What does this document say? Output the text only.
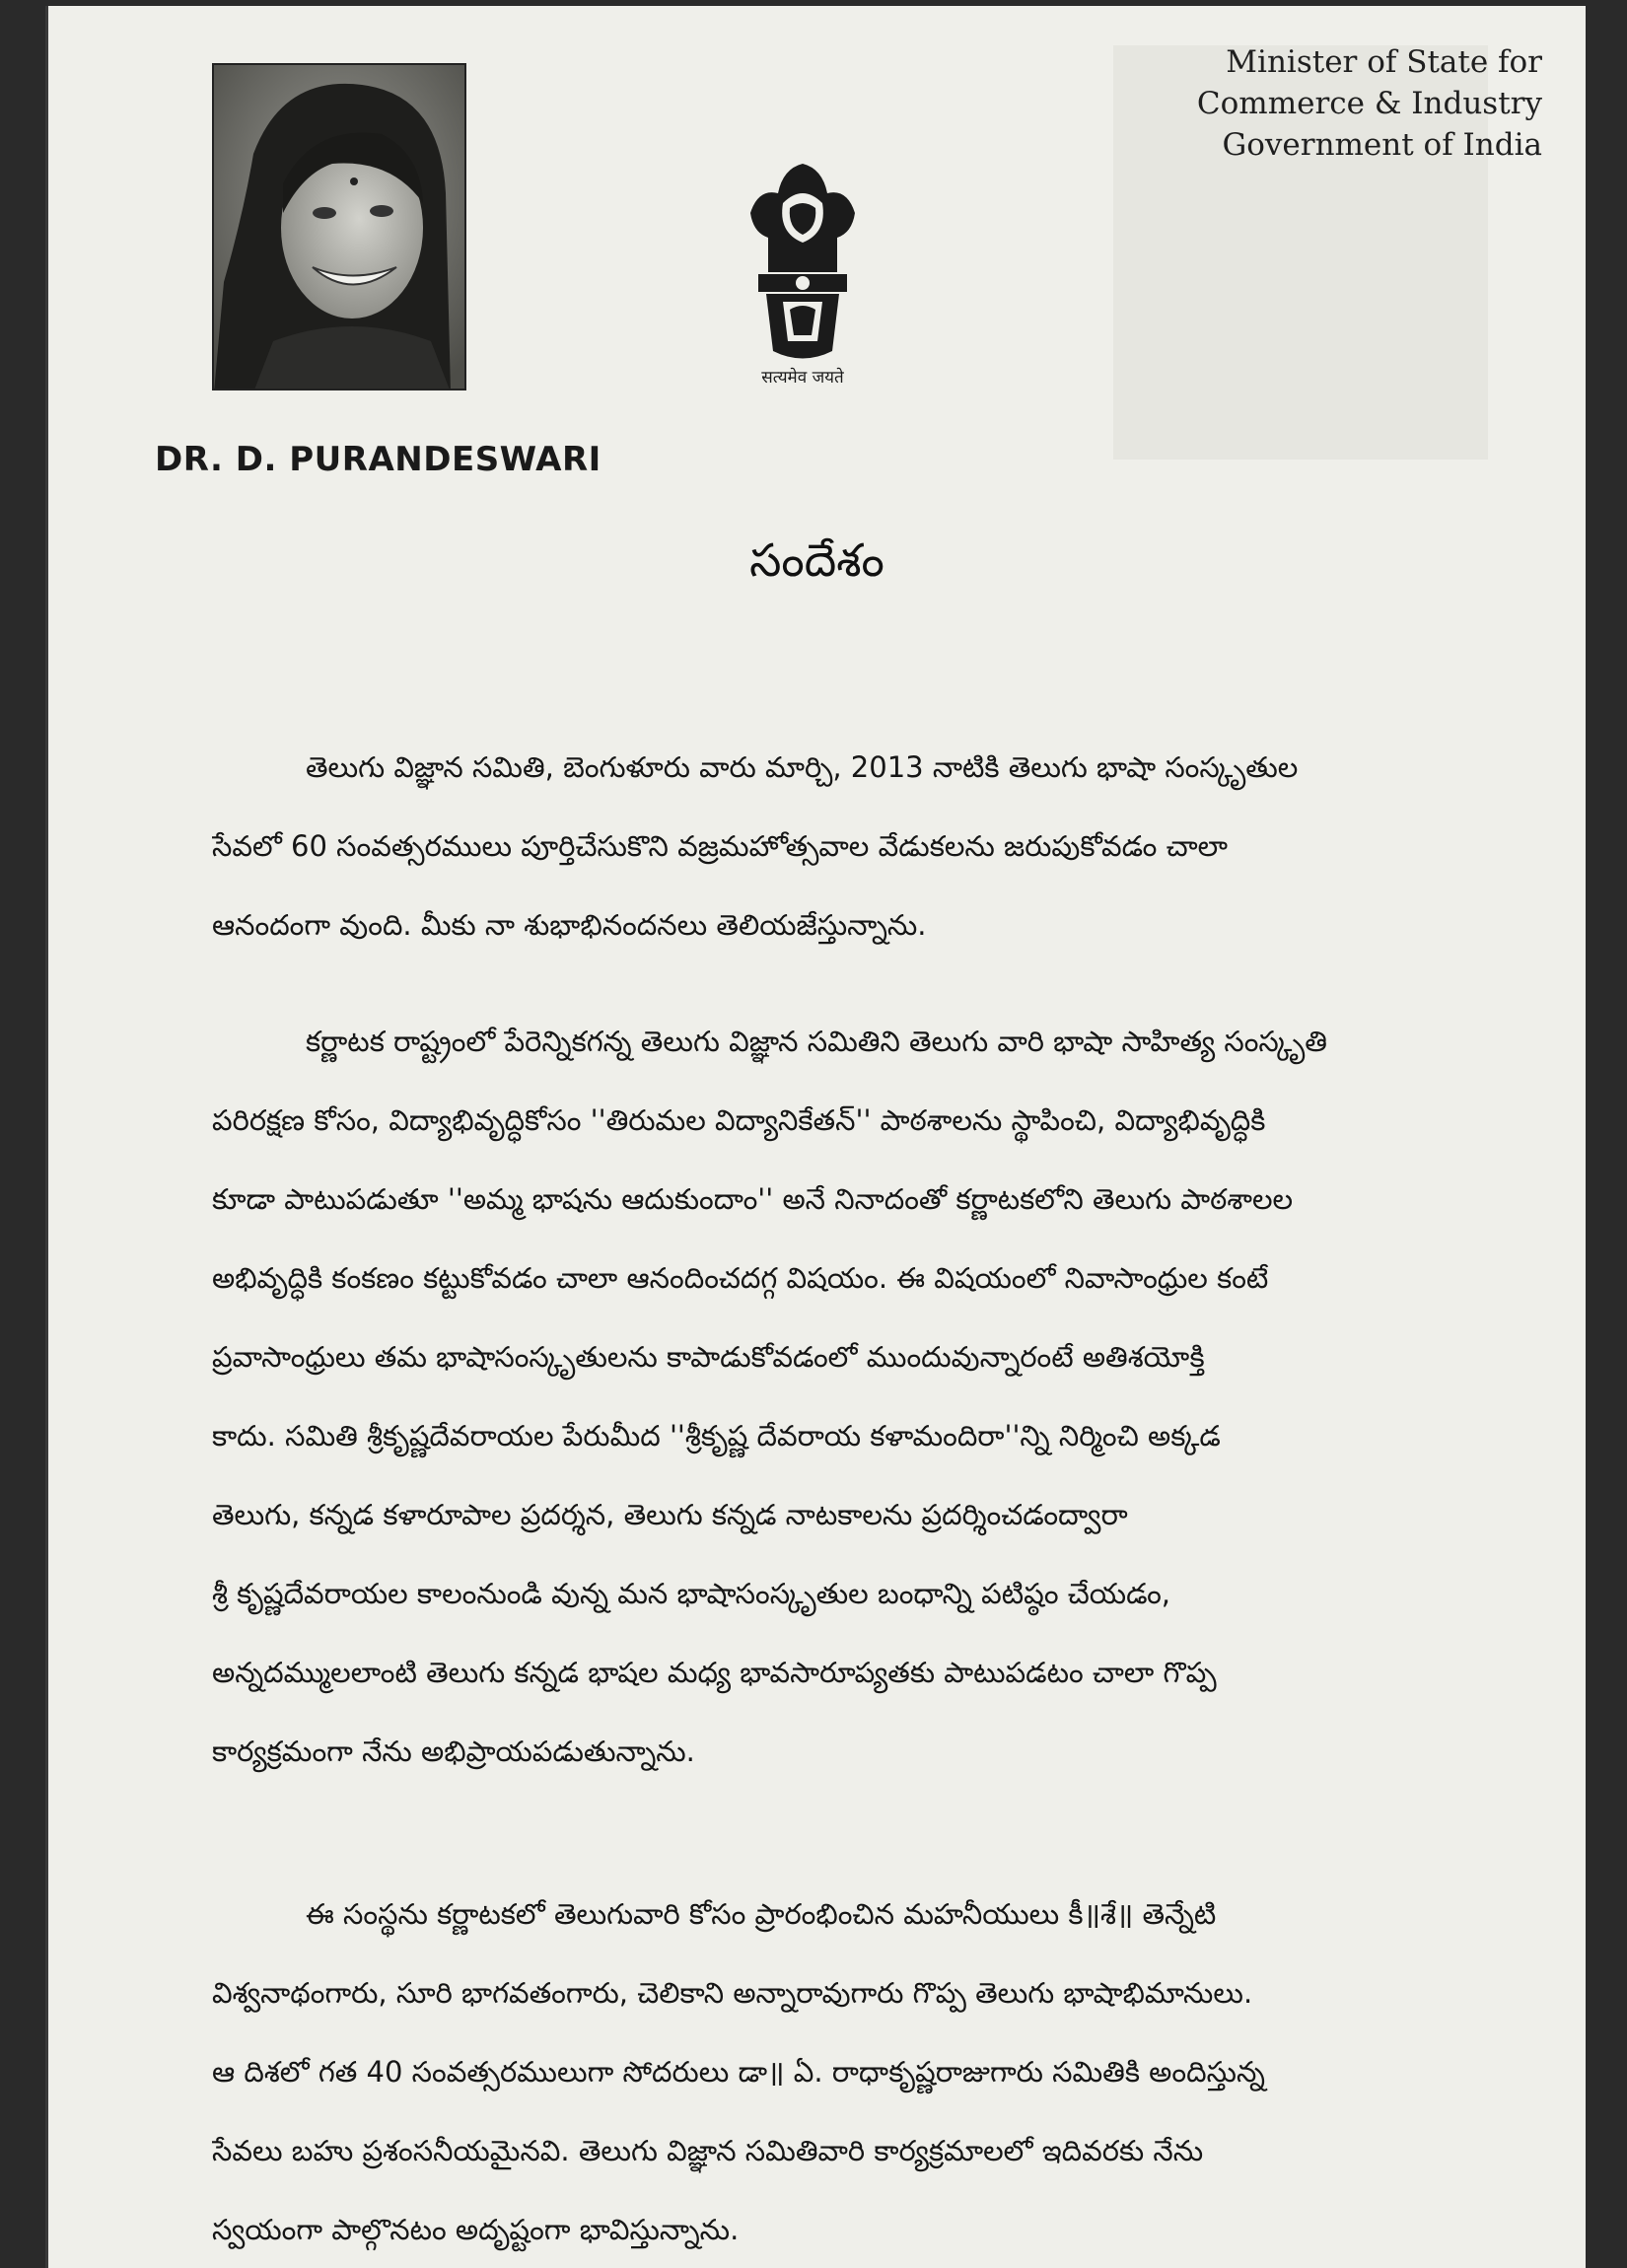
सत्यमेव जयते
DR. D. PURANDESWARI
Minister of State for
Commerce & Industry
Government of India
సందేశం
తెలుగు విజ్ఞాన సమితి, బెంగుళూరు వారు మార్చి, 2013 నాటికి తెలుగు భాషా సంస్కృతుల
సేవలో 60 సంవత్సరములు పూర్తిచేసుకొని వజ్రమహోత్సవాల వేడుకలను జరుపుకోవడం చాలా
ఆనందంగా వుంది. మీకు నా శుభాభినందనలు తెలియజేస్తున్నాను.
కర్ణాటక రాష్ట్రంలో పేరెన్నికగన్న తెలుగు విజ్ఞాన సమితిని తెలుగు వారి భాషా సాహిత్య సంస్కృతి
పరిరక్షణ కోసం, విద్యాభివృద్ధికోసం ''తిరుమల విద్యానికేతన్'' పాఠశాలను స్థాపించి, విద్యాభివృద్ధికి
కూడా పాటుపడుతూ ''అమ్మ భాషను ఆదుకుందాం'' అనే నినాదంతో కర్ణాటకలోని తెలుగు పాఠశాలల
అభివృద్ధికి కంకణం కట్టుకోవడం చాలా ఆనందించదగ్గ విషయం. ఈ విషయంలో నివాసాంధ్రుల కంటే
ప్రవాసాంధ్రులు తమ భాషాసంస్కృతులను కాపాడుకోవడంలో ముందువున్నారంటే అతిశయోక్తి
కాదు. సమితి శ్రీకృష్ణదేవరాయల పేరుమీద ''శ్రీకృష్ణ దేవరాయ కళామందిరా''న్ని నిర్మించి అక్కడ
తెలుగు, కన్నడ కళారూపాల ప్రదర్శన, తెలుగు కన్నడ నాటకాలను ప్రదర్శించడంద్వారా
శ్రీ కృష్ణదేవరాయల కాలంనుండి వున్న మన భాషాసంస్కృతుల బంధాన్ని పటిష్ఠం చేయడం,
అన్నదమ్ములలాంటి తెలుగు కన్నడ భాషల మధ్య భావసారూప్యతకు పాటుపడటం చాలా గొప్ప
కార్యక్రమంగా నేను అభిప్రాయపడుతున్నాను.
ఈ సంస్థను కర్ణాటకలో తెలుగువారి కోసం ప్రారంభించిన మహనీయులు కీ॥శే॥ తెన్నేటి
విశ్వనాథంగారు, సూరి భాగవతంగారు, చెలికాని అన్నారావుగారు గొప్ప తెలుగు భాషాభిమానులు.
ఆ దిశలో గత 40 సంవత్సరములుగా సోదరులు డా॥ ఏ. రాధాకృష్ణరాజుగారు సమితికి అందిస్తున్న
సేవలు బహు ప్రశంసనీయమైనవి. తెలుగు విజ్ఞాన సమితివారి కార్యక్రమాలలో ఇదివరకు నేను
స్వయంగా పాల్గొనటం అదృష్టంగా భావిస్తున్నాను.
